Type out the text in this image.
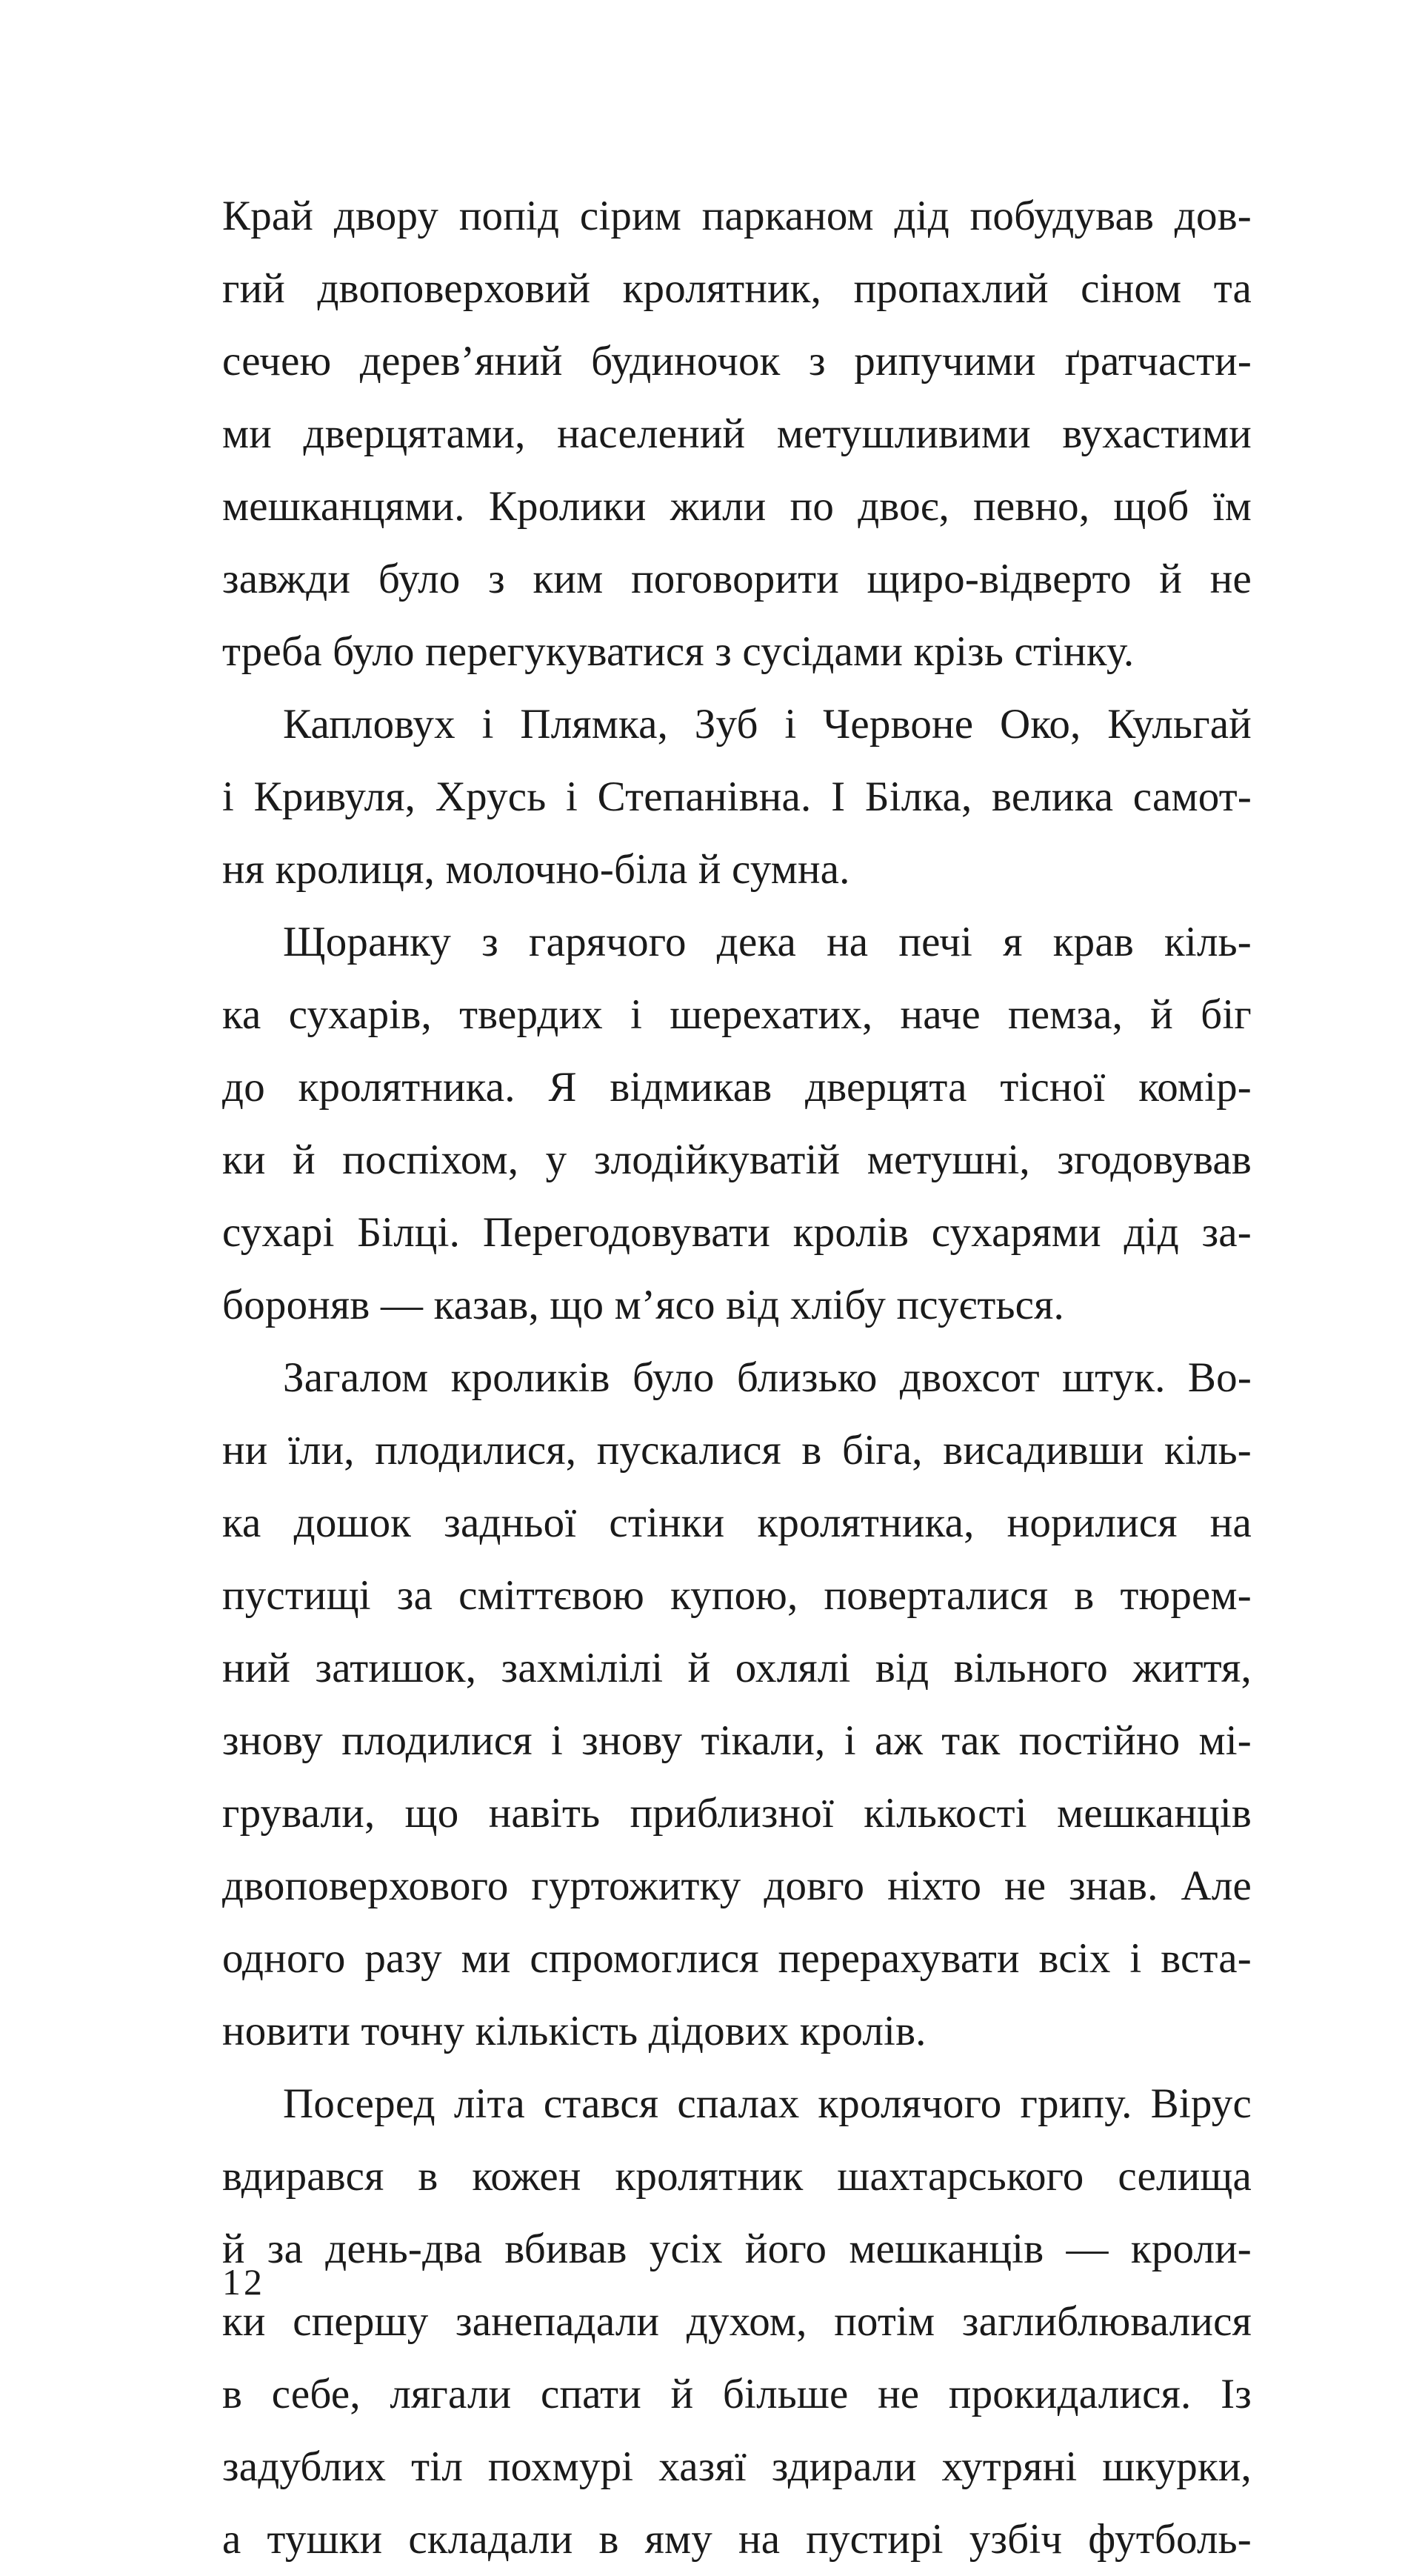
Край двору попід сірим парканом дід побудував дов-
гий двоповерховий кролятник, пропахлий сіном та
сечею дерев’яний будиночок з рипучими ґратчасти-
ми дверцятами, населений метушливими вухастими
мешканцями. Кролики жили по двоє, певно, щоб їм
завжди було з ким поговорити щиро-відверто й не
треба було перегукуватися з сусідами крізь стінку.
Капловух і Плямка, Зуб і Червоне Око, Кульгай
і Кривуля, Хрусь і Степанівна. І Білка, велика самот-
ня кролиця, молочно-біла й сумна.
Щоранку з гарячого дека на печі я крав кіль-
ка сухарів, твердих і шерехатих, наче пемза, й біг
до кролятника. Я відмикав дверцята тісної комір-
ки й поспіхом, у злодійкуватій метушні, згодовував
сухарі Білці. Перегодовувати кролів сухарями дід за-
бороняв — казав, що м’ясо від хлібу псується.
Загалом кроликів було близько двохсот штук. Во-
ни їли, плодилися, пускалися в біга, висадивши кіль-
ка дошок задньої стінки кролятника, норилися на
пустищі за сміттєвою купою, поверталися в тюрем-
ний затишок, захмілілі й охлялі від вільного життя,
знову плодилися і знову тікали, і аж так постійно мі-
грували, що навіть приблизної кількості мешканців
двоповерхового гуртожитку довго ніхто не знав. Але
одного разу ми спромоглися перерахувати всіх і вста-
новити точну кількість дідових кролів.
Посеред літа стався спалах кролячого грипу. Вірус
вдирався в кожен кролятник шахтарського селища
й за день-два вбивав усіх його мешканців — кроли-
ки спершу занепадали духом, потім заглиблювалися
в себе, лягали спати й більше не прокидалися. Із
задублих тіл похмурі хазяї здирали хутряні шкурки,
а тушки складали в яму на пустирі узбіч футболь-
12
